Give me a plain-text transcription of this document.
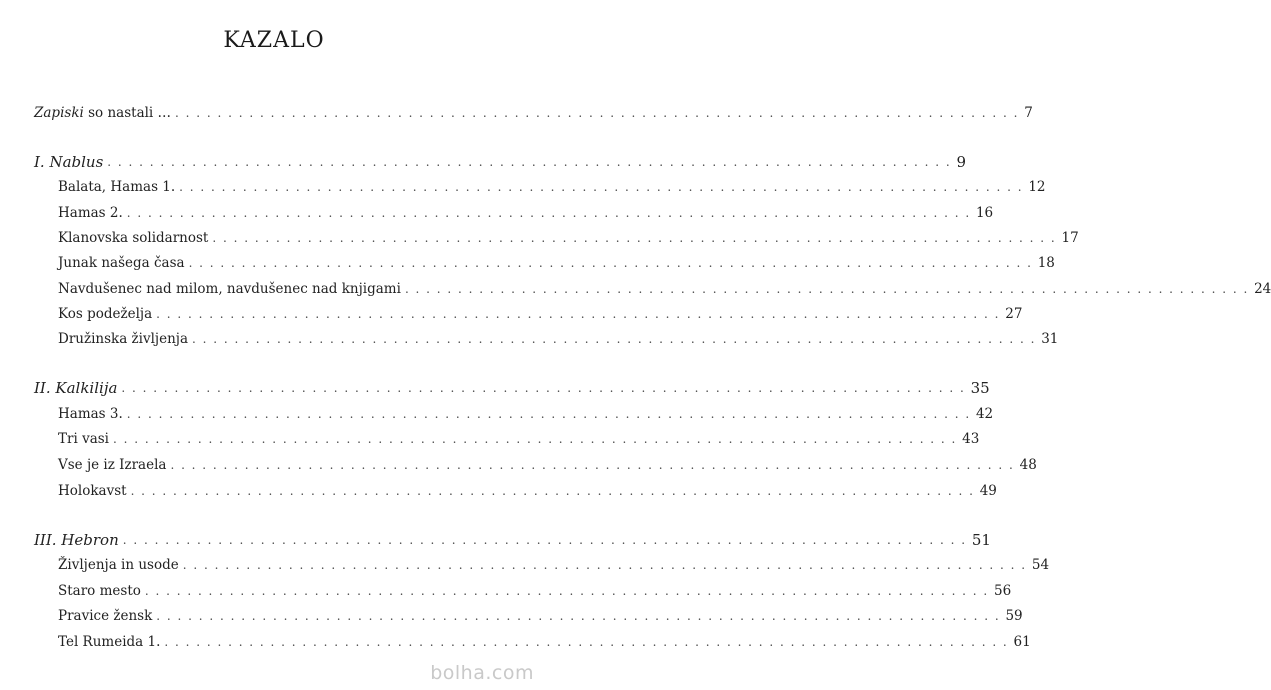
KAZALO
Zapiski so nastali … ................................................................................ 7
I. Nablus ................................................................................ 9
Balata, Hamas 1. ................................................................................ 12
Hamas 2. ................................................................................ 16
Klanovska solidarnost ................................................................................ 17
Junak našega časa ................................................................................ 18
Navdušenec nad milom, navdušenec nad knjigami ................................................................................ 24
Kos podeželja ................................................................................ 27
Družinska življenja ................................................................................ 31
II. Kalkilija ................................................................................ 35
Hamas 3. ................................................................................ 42
Tri vasi ................................................................................ 43
Vse je iz Izraela ................................................................................ 48
Holokavst ................................................................................ 49
III. Hebron ................................................................................ 51
Življenja in usode ................................................................................ 54
Staro mesto ................................................................................ 56
Pravice žensk ................................................................................ 59
Tel Rumeida 1. ................................................................................ 61
bolha.com
